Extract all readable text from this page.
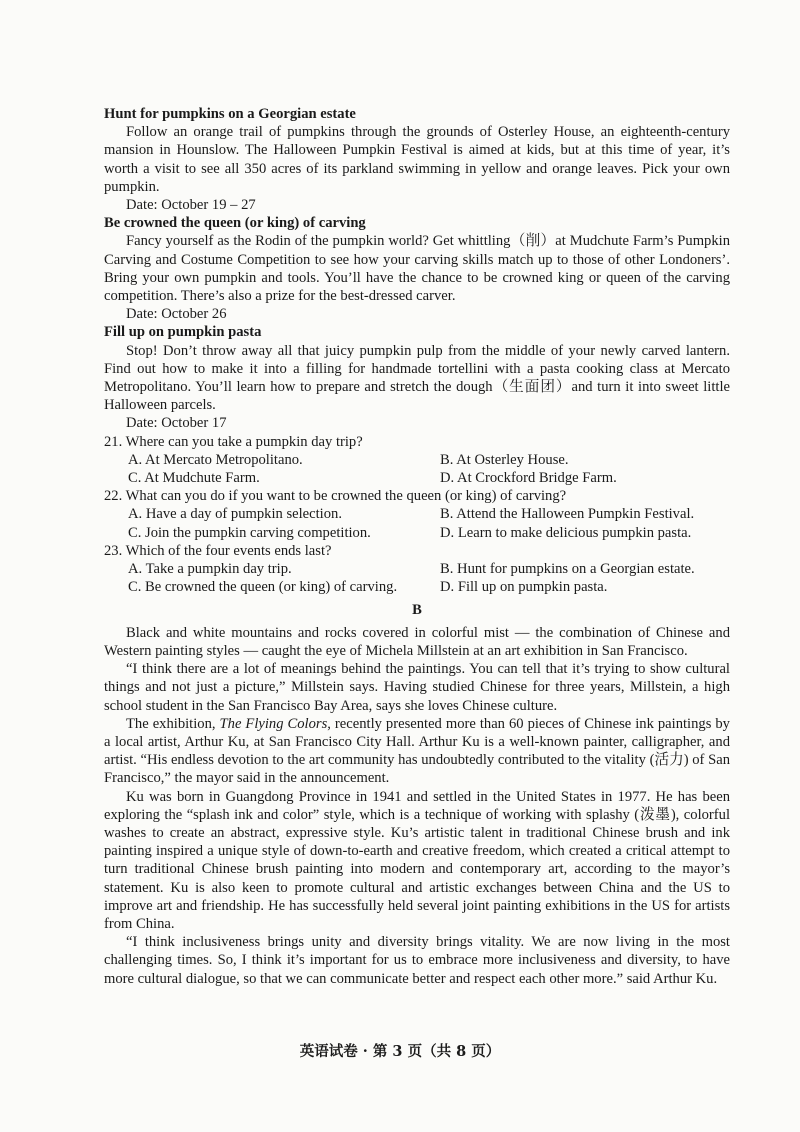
Hunt for pumpkins on a Georgian estate

Follow an orange trail of pumpkins through the grounds of Osterley House, an eighteenth-century mansion in Hounslow. The Halloween Pumpkin Festival is aimed at kids, but at this time of year, it’s worth a visit to see all 350 acres of its parkland swimming in yellow and orange leaves. Pick your own pumpkin.

Date: October 19 – 27

Be crowned the queen (or king) of carving

Fancy yourself as the Rodin of the pumpkin world? Get whittling（削）at Mudchute Farm’s Pumpkin Carving and Costume Competition to see how your carving skills match up to those of other Londoners’. Bring your own pumpkin and tools. You’ll have the chance to be crowned king or queen of the carving competition. There’s also a prize for the best-dressed carver.

Date: October 26

Fill up on pumpkin pasta

Stop! Don’t throw away all that juicy pumpkin pulp from the middle of your newly carved lantern. Find out how to make it into a filling for handmade tortellini with a pasta cooking class at Mercato Metropolitano. You’ll learn how to prepare and stretch the dough（生面团）and turn it into sweet little Halloween parcels.

Date: October 17

21. Where can you take a pumpkin day trip?

A. At Mercato Metropolitano.	B. At Osterley House.
C. At Mudchute Farm.	D. At Crockford Bridge Farm.

22. What can you do if you want to be crowned the queen (or king) of carving?

A. Have a day of pumpkin selection.	B. Attend the Halloween Pumpkin Festival.
C. Join the pumpkin carving competition.	D. Learn to make delicious pumpkin pasta.

23. Which of the four events ends last?

A. Take a pumpkin day trip.	B. Hunt for pumpkins on a Georgian estate.
C. Be crowned the queen (or king) of carving.	D. Fill up on pumpkin pasta.

B

Black and white mountains and rocks covered in colorful mist — the combination of Chinese and Western painting styles — caught the eye of Michela Millstein at an art exhibition in San Francisco.

“I think there are a lot of meanings behind the paintings. You can tell that it’s trying to show cultural things and not just a picture,” Millstein says. Having studied Chinese for three years, Millstein, a high school student in the San Francisco Bay Area, says she loves Chinese culture.

The exhibition, The Flying Colors, recently presented more than 60 pieces of Chinese ink paintings by a local artist, Arthur Ku, at San Francisco City Hall. Arthur Ku is a well-known painter, calligrapher, and artist. “His endless devotion to the art community has undoubtedly contributed to the vitality (活力) of San Francisco,” the mayor said in the announcement.

Ku was born in Guangdong Province in 1941 and settled in the United States in 1977. He has been exploring the “splash ink and color” style, which is a technique of working with splashy (泼墨), colorful washes to create an abstract, expressive style. Ku’s artistic talent in traditional Chinese brush and ink painting inspired a unique style of down-to-earth and creative freedom, which created a critical attempt to turn traditional Chinese brush painting into modern and contemporary art, according to the mayor’s statement. Ku is also keen to promote cultural and artistic exchanges between China and the US to improve art and friendship. He has successfully held several joint painting exhibitions in the US for artists from China.

“I think inclusiveness brings unity and diversity brings vitality. We are now living in the most challenging times. So, I think it’s important for us to embrace more inclusiveness and diversity, to have more cultural dialogue, so that we can communicate better and respect each other more.” said Arthur Ku.

英语试卷 · 第 3 页（共 8 页）
